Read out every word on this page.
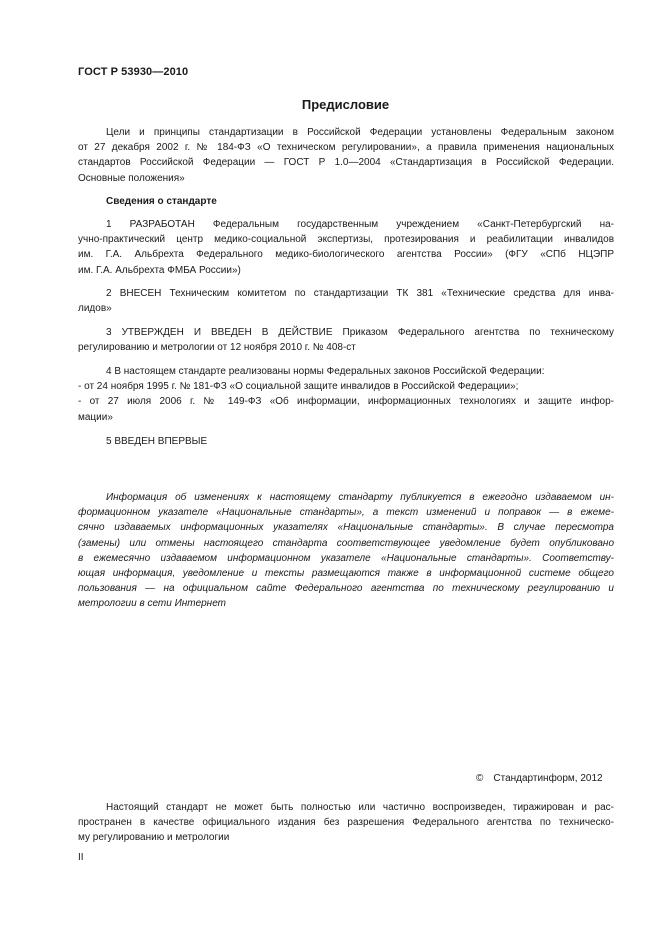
ГОСТ Р 53930—2010
Предисловие
Цели и принципы стандартизации в Российской Федерации установлены Федеральным законом
от 27 декабря 2002 г. № 184-ФЗ «О техническом регулировании», а правила применения национальных
стандартов Российской Федерации — ГОСТ Р 1.0—2004 «Стандартизация в Российской Федерации.
Основные положения»
Сведения о стандарте
1 РАЗРАБОТАН Федеральным государственным учреждением «Санкт-Петербургский на-
учно-практический центр медико-социальной экспертизы, протезирования и реабилитации инвалидов
им. Г.А. Альбрехта Федерального медико-биологического агентства России» (ФГУ «СПб НЦЭПР
им. Г.А. Альбрехта ФМБА России»)
2 ВНЕСЕН Техническим комитетом по стандартизации ТК 381 «Технические средства для инва-
лидов»
3 УТВЕРЖДЕН И ВВЕДЕН В ДЕЙСТВИЕ Приказом Федерального агентства по техническому
регулированию и метрологии от 12 ноября 2010 г. № 408-ст
4 В настоящем стандарте реализованы нормы Федеральных законов Российской Федерации:
- от 24 ноября 1995 г. № 181-ФЗ «О социальной защите инвалидов в Российской Федерации»;
- от 27 июля 2006 г. № 149-ФЗ «Об информации, информационных технологиях и защите инфор-
мации»
5 ВВЕДЕН ВПЕРВЫЕ
Информация об изменениях к настоящему стандарту публикуется в ежегодно издаваемом ин-
формационном указателе «Национальные стандарты», а текст изменений и поправок — в ежеме-
сячно издаваемых информационных указателях «Национальные стандарты». В случае пересмотра
(замены) или отмены настоящего стандарта соответствующее уведомление будет опубликовано
в ежемесячно издаваемом информационном указателе «Национальные стандарты». Соответству-
ющая информация, уведомление и тексты размещаются также в информационной системе общего
пользования — на официальном сайте Федерального агентства по техническому регулированию и
метрологии в сети Интернет
© Стандартинформ, 2012
Настоящий стандарт не может быть полностью или частично воспроизведен, тиражирован и рас-
пространен в качестве официального издания без разрешения Федерального агентства по техническо-
му регулированию и метрологии
II
